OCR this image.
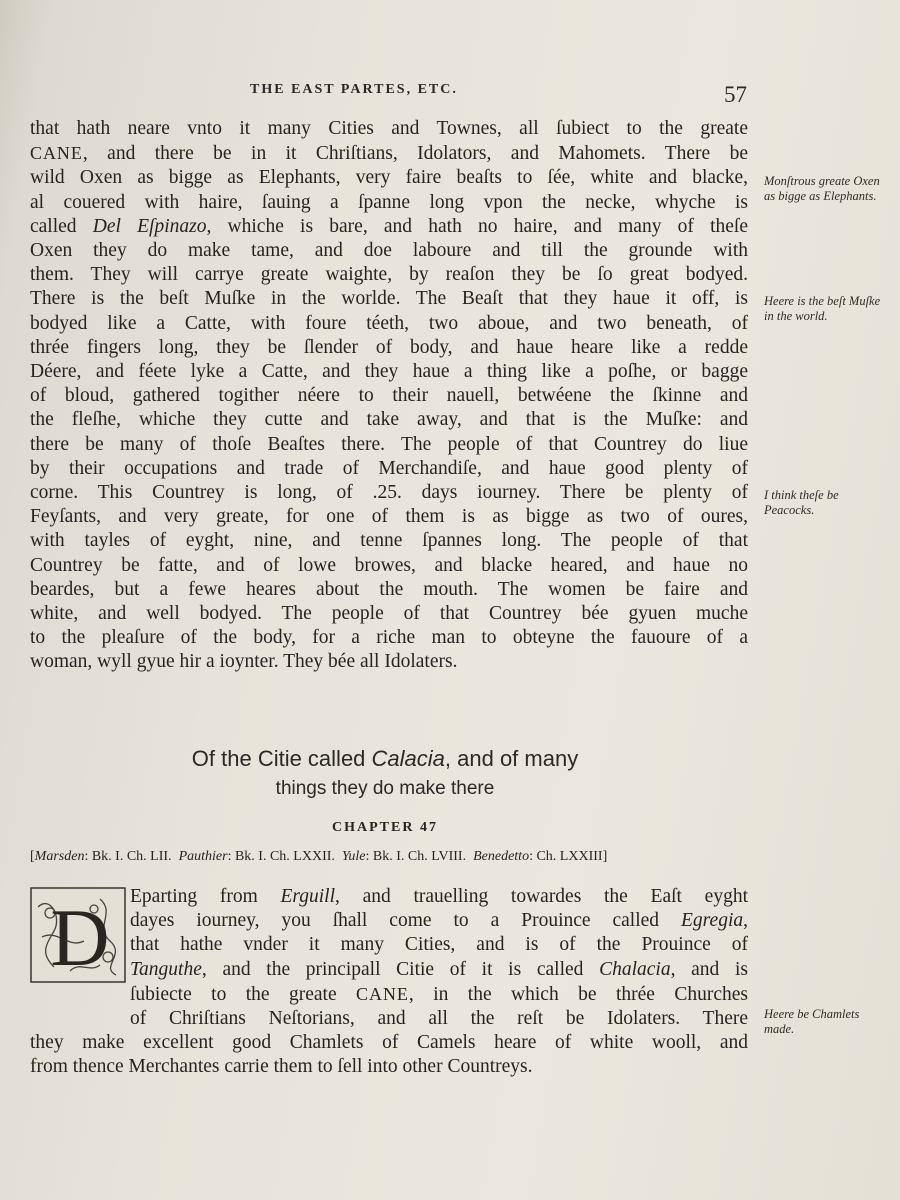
THE EAST PARTES, ETC.	57
that hath neare vnto it many Cities and Townes, all ſubiect to the greate
CANE, and there be in it Chriſtians, Idolators, and Mahomets. There be
wild Oxen as bigge as Elephants, very faire beaſts to ſée, white and blacke,
al couered with haire, ſauing a ſpanne long vpon the necke, whyche is
called Del Eſpinazo, whiche is bare, and hath no haire, and many of theſe
Oxen they do make tame, and doe laboure and till the grounde with
them. They will carrye greate waighte, by reaſon they be ſo great bodyed.
There is the beſt Muſke in the worlde. The Beaſt that they haue it off, is
bodyed like a Catte, with foure téeth, two aboue, and two beneath, of
thrée fingers long, they be ſlender of body, and haue heare like a redde
Déere, and féete lyke a Catte, and they haue a thing like a poſhe, or bagge
of bloud, gathered togither néere to their nauell, betwéene the ſkinne and
the fleſhe, whiche they cutte and take away, and that is the Muſke: and
there be many of thoſe Beaſtes there. The people of that Countrey do liue
by their occupations and trade of Merchandiſe, and haue good plenty of
corne. This Countrey is long, of .25. days iourney. There be plenty of
Feyſants, and very greate, for one of them is as bigge as two of oures,
with tayles of eyght, nine, and tenne ſpannes long. The people of that
Countrey be fatte, and of lowe browes, and blacke heared, and haue no
beardes, but a fewe heares about the mouth. The women be faire and
white, and well bodyed. The people of that Countrey bée gyuen muche
to the pleaſure of the body, for a riche man to obteyne the fauoure of a
woman, wyll gyue hir a ioynter. They bée all Idolaters.
Monſtrous greate Oxen as bigge as Elephants.
Heere is the beſt Muſke in the world.
I think theſe be Peacocks.
Of the Citie called Calacia, and of many
things they do make there
CHAPTER 47
[Marsden: Bk. I. Ch. LII. Pauthier: Bk. I. Ch. LXXII. Yule: Bk. I. Ch. LVIII. Benedetto: Ch. LXXIII]
D	Eparting from Erguill, and trauelling towardes the Eaſt eyght
dayes iourney, you ſhall come to a Prouince called Egregia,
that hathe vnder it many Cities, and is of the Prouince of
Tanguthe, and the principall Citie of it is called Chalacia, and is
ſubiecte to the greate CANE, in the which be thrée Churches
of Chriſtians Neſtorians, and all the reſt be Idolaters. There
they make excellent good Chamlets of Camels heare of white wooll, and
from thence Merchantes carrie them to ſell into other Countreys.
Heere be Chamlets made.
